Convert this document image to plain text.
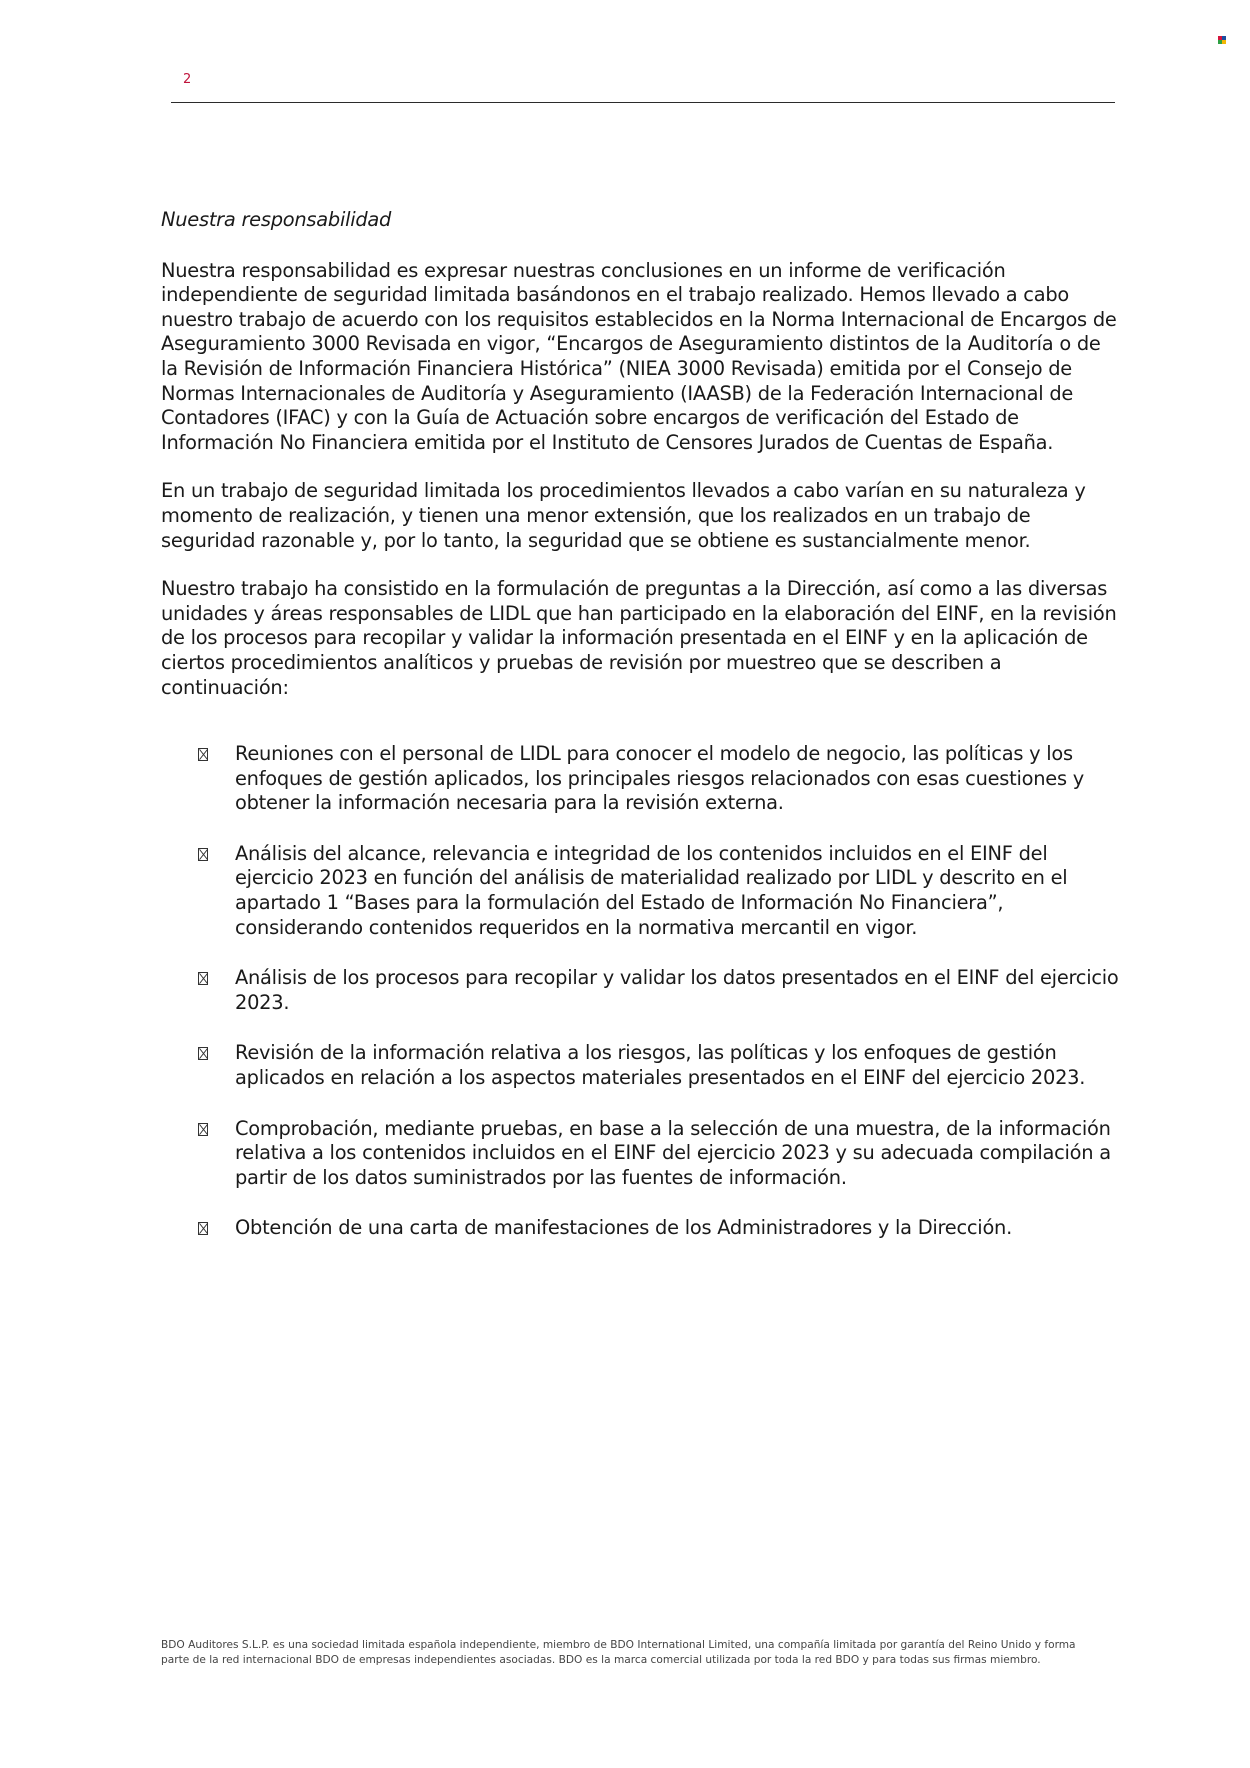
2
Nuestra responsabilidad

Nuestra responsabilidad es expresar nuestras conclusiones en un informe de verificación independiente de seguridad limitada basándonos en el trabajo realizado. Hemos llevado a cabo nuestro trabajo de acuerdo con los requisitos establecidos en la Norma Internacional de Encargos de Aseguramiento 3000 Revisada en vigor, “Encargos de Aseguramiento distintos de la Auditoría o de la Revisión de Información Financiera Histórica” (NIEA 3000 Revisada) emitida por el Consejo de Normas Internacionales de Auditoría y Aseguramiento (IAASB) de la Federación Internacional de Contadores (IFAC) y con la Guía de Actuación sobre encargos de verificación del Estado de Información No Financiera emitida por el Instituto de Censores Jurados de Cuentas de España.

En un trabajo de seguridad limitada los procedimientos llevados a cabo varían en su naturaleza y momento de realización, y tienen una menor extensión, que los realizados en un trabajo de seguridad razonable y, por lo tanto, la seguridad que se obtiene es sustancialmente menor.

Nuestro trabajo ha consistido en la formulación de preguntas a la Dirección, así como a las diversas unidades y áreas responsables de LIDL que han participado en la elaboración del EINF, en la revisión de los procesos para recopilar y validar la información presentada en el EINF y en la aplicación de ciertos procedimientos analíticos y pruebas de revisión por muestreo que se describen a continuación:

Reuniones con el personal de LIDL para conocer el modelo de negocio, las políticas y los enfoques de gestión aplicados, los principales riesgos relacionados con esas cuestiones y obtener la información necesaria para la revisión externa.
Análisis del alcance, relevancia e integridad de los contenidos incluidos en el EINF del ejercicio 2023 en función del análisis de materialidad realizado por LIDL y descrito en el apartado 1 “Bases para la formulación del Estado de Información No Financiera”, considerando contenidos requeridos en la normativa mercantil en vigor.
Análisis de los procesos para recopilar y validar los datos presentados en el EINF del ejercicio 2023.
Revisión de la información relativa a los riesgos, las políticas y los enfoques de gestión aplicados en relación a los aspectos materiales presentados en el EINF del ejercicio 2023.
Comprobación, mediante pruebas, en base a la selección de una muestra, de la información relativa a los contenidos incluidos en el EINF del ejercicio 2023 y su adecuada compilación a partir de los datos suministrados por las fuentes de información.
Obtención de una carta de manifestaciones de los Administradores y la Dirección.
BDO Auditores S.L.P. es una sociedad limitada española independiente, miembro de BDO International Limited, una compañía limitada por garantía del Reino Unido y forma parte de la red internacional BDO de empresas independientes asociadas. BDO es la marca comercial utilizada por toda la red BDO y para todas sus firmas miembro.
